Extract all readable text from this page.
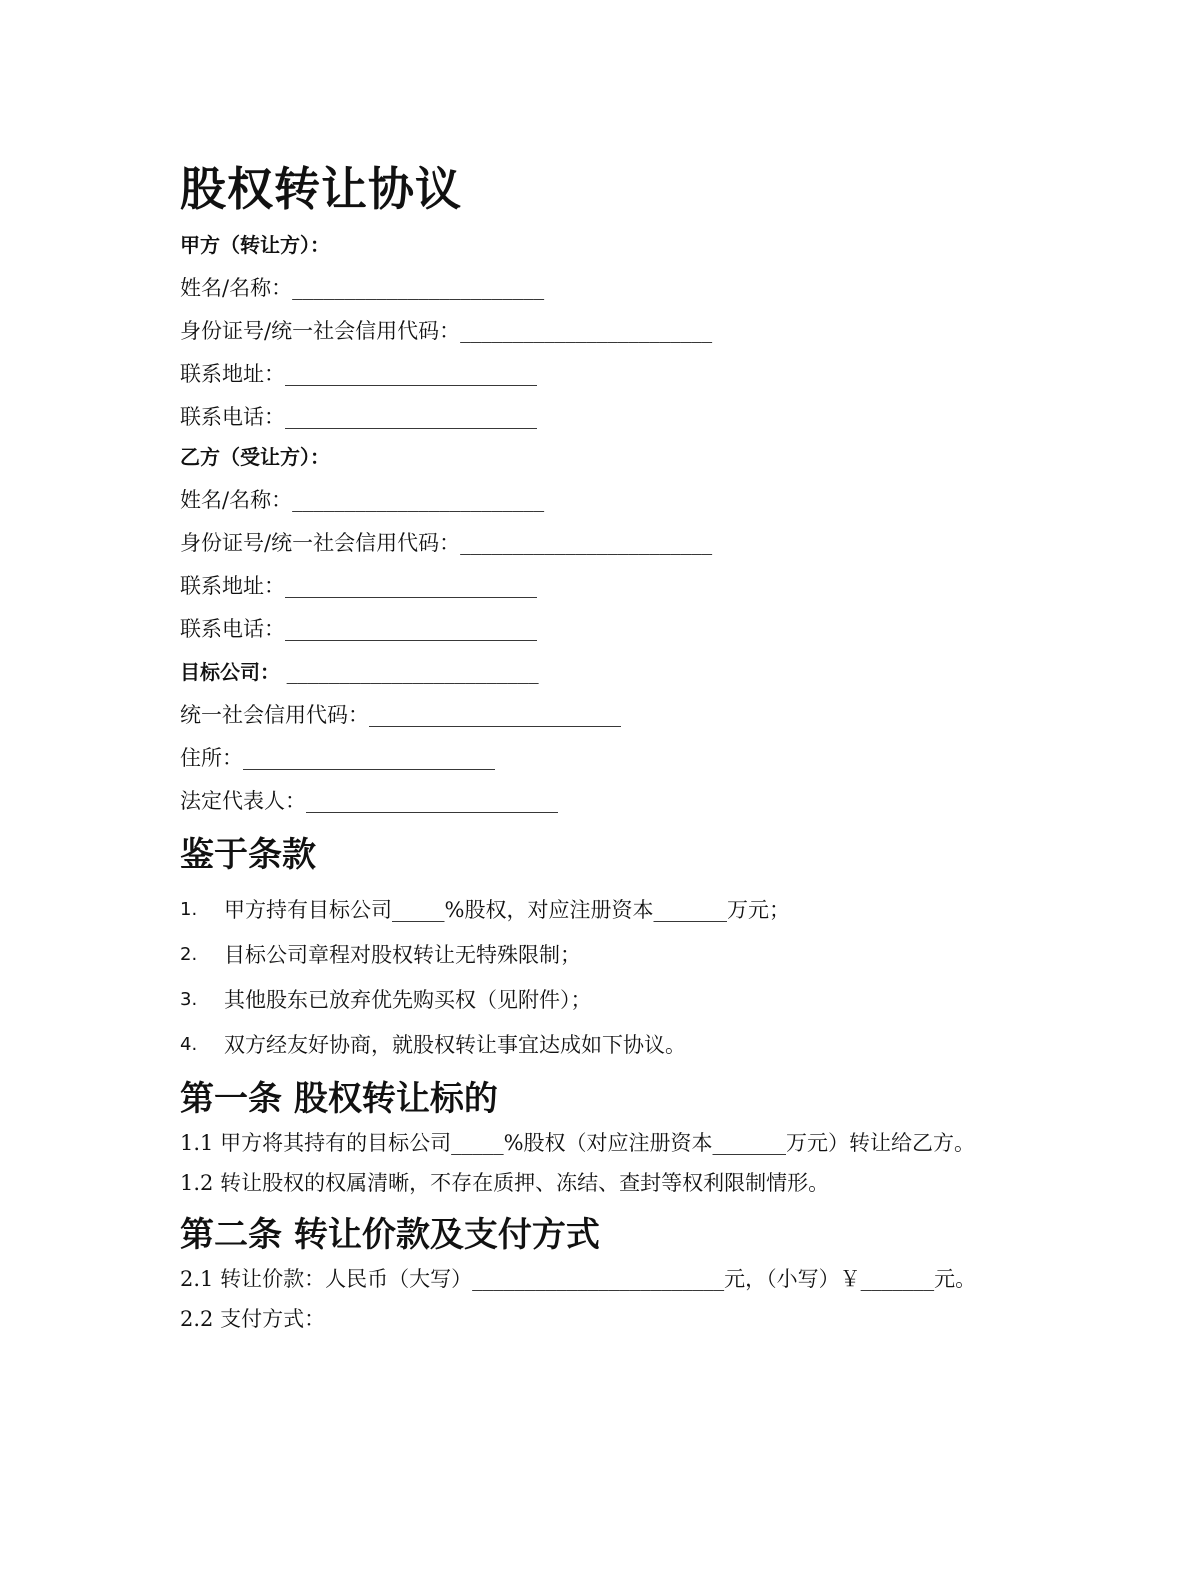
股权转让协议
甲方（转让方）：
姓名/名称：________________________
身份证号/统一社会信用代码：________________________
联系地址：________________________
联系电话：________________________
乙方（受让方）：
姓名/名称：________________________
身份证号/统一社会信用代码：________________________
联系地址：________________________
联系电话：________________________
目标公司： ________________________
统一社会信用代码：________________________
住所：________________________
法定代表人：________________________
鉴于条款
1.	甲方持有目标公司_____%股权，对应注册资本_______万元；
2.	目标公司章程对股权转让无特殊限制；
3.	其他股东已放弃优先购买权（见附件）；
4.	双方经友好协商，就股权转让事宜达成如下协议。
第一条 股权转让标的
1.1 甲方将其持有的目标公司_____%股权（对应注册资本_______万元）转让给乙方。
1.2 转让股权的权属清晰，不存在质押、冻结、查封等权利限制情形。
第二条 转让价款及支付方式
2.1 转让价款：人民币（大写）________________________元，（小写）￥_______元。
2.2 支付方式：
